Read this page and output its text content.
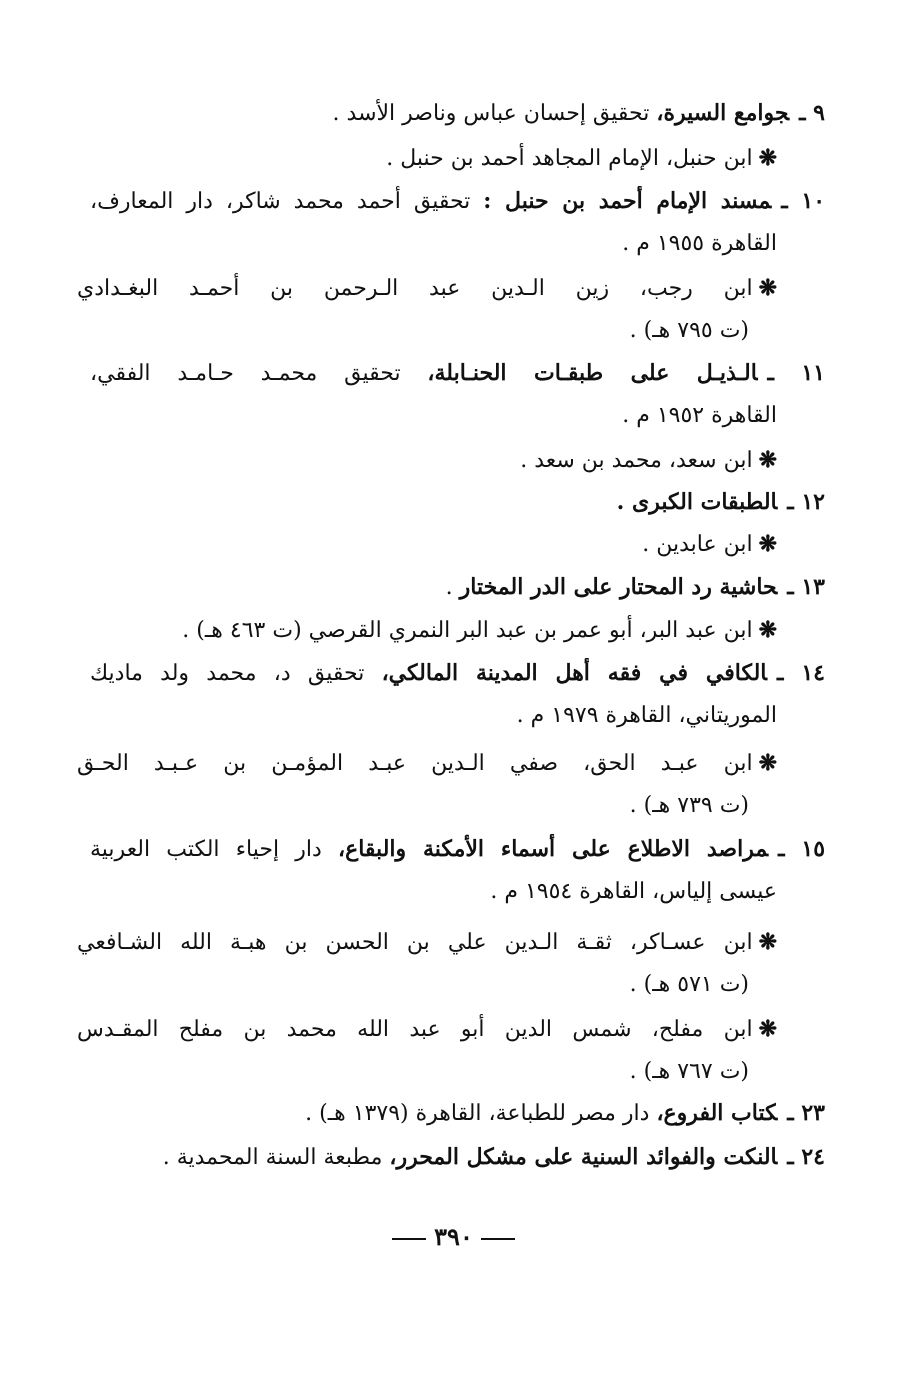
٩ ـجوامع السيرة، تحقيق إحسان عباس وناصر الأسد .
❋ابن حنبل، الإمام المجاهد أحمد بن حنبل .
١٠ ـمسند الإمام أحمد بن حنبل : تحقيق أحمد محمد شاكر، دار المعارف،
القاهرة ١٩٥٥ م .
❋ابن رجب، زين الـدين عبد الـرحمن بن أحمـد البغـدادي
(ت ٧٩٥ هـ) .
١١ ـالـذيـل على طبقـات الحنـابلة، تحقيق محمـد حـامـد الفقي،
القاهرة ١٩٥٢ م .
❋ابن سعد، محمد بن سعد .
١٢ ـالطبقات الكبرى .
❋ابن عابدين .
١٣ ـحاشية رد المحتار على الدر المختار .
❋ابن عبد البر، أبو عمر بن عبد البر النمري القرصي (ت ٤٦٣ هـ) .
١٤ ـالكافي في فقه أهل المدينة المالكي، تحقيق د، محمد ولد ماديك
الموريتاني، القاهرة ١٩٧٩ م .
❋ابن عبـد الحق، صفي الـدين عبـد المؤمـن بن عـبـد الحـق
(ت ٧٣٩ هـ) .
١٥ ـمراصد الاطلاع على أسماء الأمكنة والبقاع، دار إحياء الكتب العربية
عيسى إلياس، القاهرة ١٩٥٤ م .
❋ابن عسـاكر، ثقـة الـدين علي بن الحسن بن هبـة الله الشـافعي
(ت ٥٧١ هـ) .
❋ابن مفلح، شمس الدين أبو عبد الله محمد بن مفلح المقـدس
(ت ٧٦٧ هـ) .
٢٣ ـكتاب الفروع، دار مصر للطباعة، القاهرة (١٣٧٩ هـ) .
٢٤ ـالنكت والفوائد السنية على مشكل المحرر، مطبعة السنة المحمدية .
٣٩٠
